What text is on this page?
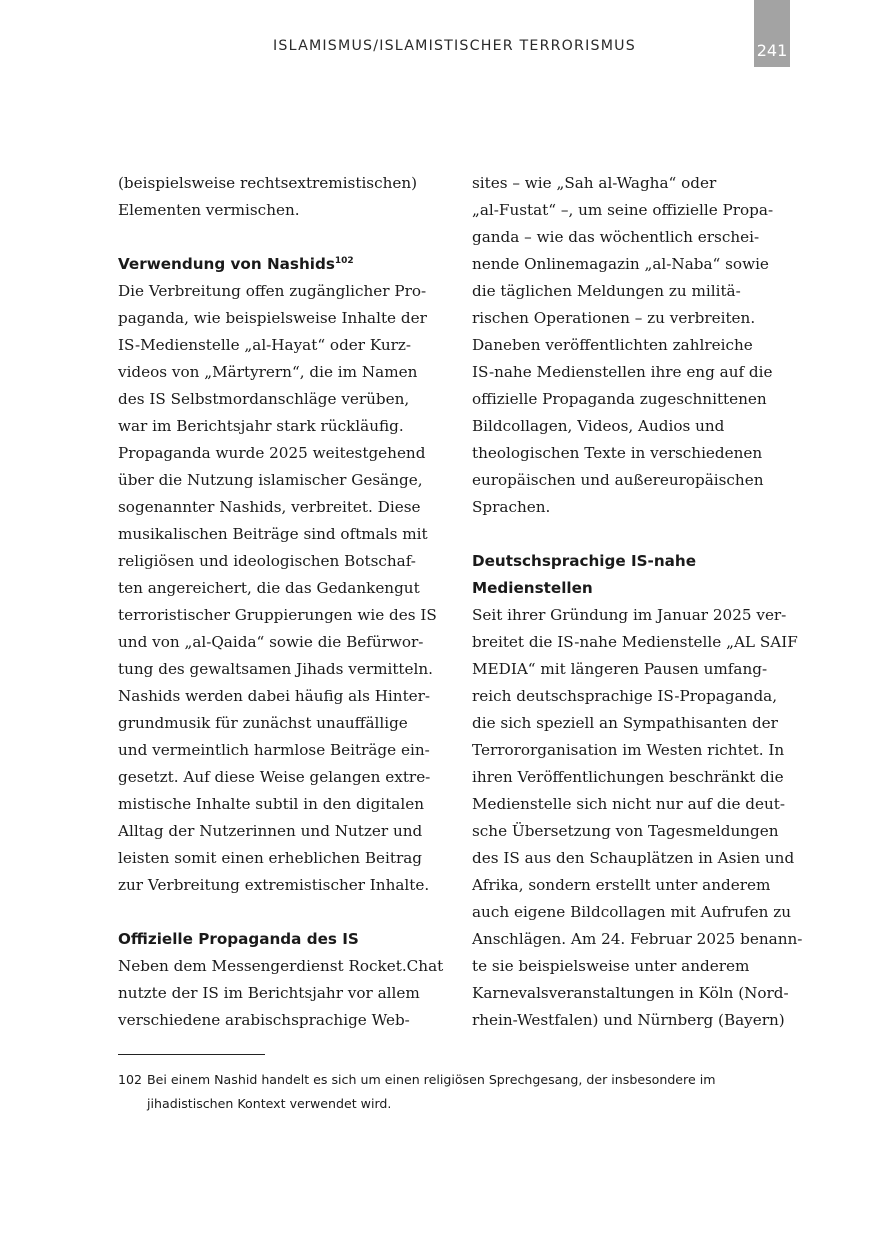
ISLAMISMUS/ISLAMISTISCHER TERRORISMUS	241
(beispielsweise rechtsextremistischen)
Elementen vermischen.
Verwendung von Nashids$^{102}$
Die Verbreitung offen zugänglicher Pro-
paganda, wie beispielsweise Inhalte der
IS-Medienstelle „al-Hayat“ oder Kurz-
videos von „Märtyrern“, die im Namen
des IS Selbstmordanschläge verüben,
war im Berichtsjahr stark rückläufig.
Propaganda wurde 2025 weitestgehend
über die Nutzung islamischer Gesänge,
sogenannter Nashids, verbreitet. Diese
musikalischen Beiträge sind oftmals mit
religiösen und ideologischen Botschaf-
ten angereichert, die das Gedankengut
terroristischer Gruppierungen wie des IS
und von „al-Qaida“ sowie die Befürwor-
tung des gewaltsamen Jihads vermitteln.
Nashids werden dabei häufig als Hinter-
grundmusik für zunächst unauffällige
und vermeintlich harmlose Beiträge ein-
gesetzt. Auf diese Weise gelangen extre-
mistische Inhalte subtil in den digitalen
Alltag der Nutzerinnen und Nutzer und
leisten somit einen erheblichen Beitrag
zur Verbreitung extremistischer Inhalte.
Offizielle Propaganda des IS
Neben dem Messengerdienst Rocket.Chat
nutzte der IS im Berichtsjahr vor allem
verschiedene arabischsprachige Web-
sites – wie „Sah al-Wagha“ oder
„al-Fustat“ –, um seine offizielle Propa-
ganda – wie das wöchentlich erschei-
nende Onlinemagazin „al-Naba“ sowie
die täglichen Meldungen zu militä-
rischen Operationen – zu verbreiten.
Daneben veröffentlichten zahlreiche
IS-nahe Medienstellen ihre eng auf die
offizielle Propaganda zugeschnittenen
Bildcollagen, Videos, Audios und
theologischen Texte in verschiedenen
europäischen und außereuropäischen
Sprachen.
Deutschsprachige IS-nahe
Medienstellen
Seit ihrer Gründung im Januar 2025 ver-
breitet die IS-nahe Medienstelle „AL SAIF
MEDIA“ mit längeren Pausen umfang-
reich deutschsprachige IS-Propaganda,
die sich speziell an Sympathisanten der
Terrororganisation im Westen richtet. In
ihren Veröffentlichungen beschränkt die
Medienstelle sich nicht nur auf die deut-
sche Übersetzung von Tagesmeldungen
des IS aus den Schauplätzen in Asien und
Afrika, sondern erstellt unter anderem
auch eigene Bildcollagen mit Aufrufen zu
Anschlägen. Am 24. Februar 2025 benann-
te sie beispielsweise unter anderem
Karnevalsveranstaltungen in Köln (Nord-
rhein-Westfalen) und Nürnberg (Bayern)
102 Bei einem Nashid handelt es sich um einen religiösen Sprechgesang, der insbesondere im
jihadistischen Kontext verwendet wird.
